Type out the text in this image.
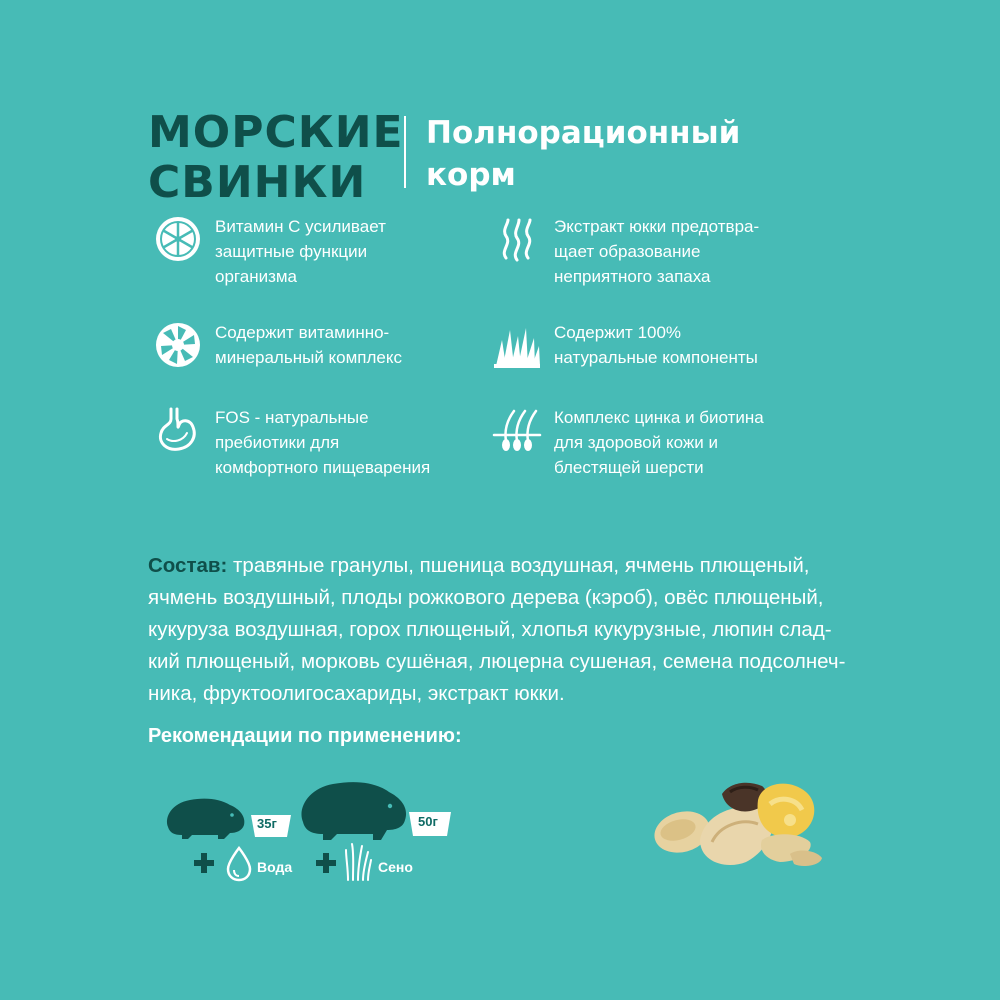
МОРСКИЕ
СВИНКИ
Полнорационный
корм
Витамин С усиливает
защитные функции
организма
Экстракт юкки предотвра-
щает образование
неприятного запаха
Содержит витаминно-
минеральный комплекс
Содержит 100%
натуральные компоненты
FOS - натуральные
пребиотики для
комфортного пищеварения
Комплекс цинка и биотина
для здоровой кожи и
блестящей шерсти
Состав: травяные гранулы, пшеница воздушная, ячмень плющеный,
ячмень воздушный, плоды рожкового дерева (кэроб), овёс плющеный,
кукуруза воздушная, горох плющеный, хлопья кукурузные, люпин слад-
кий плющеный, морковь сушёная, люцерна сушеная, семена подсолнеч-
ника, фруктоолигосахариды, экстракт юкки.
Рекомендации по применению:
35г	50г
Вода	Сено
